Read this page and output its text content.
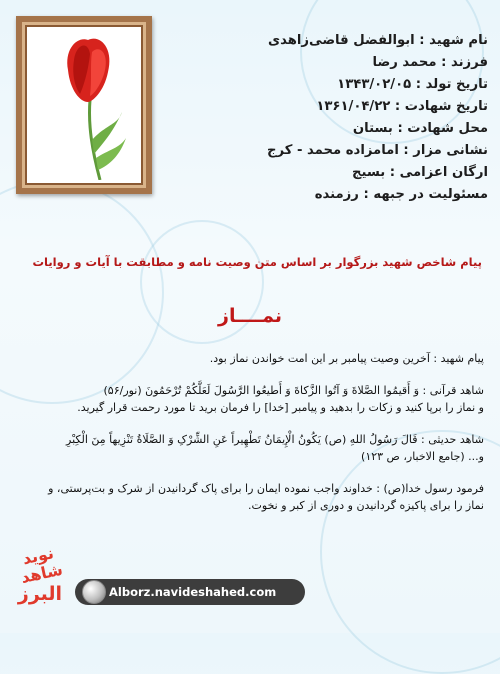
نام شهید : ابوالفضل قاضی‌زاهدی
فرزند : محمد رضا
تاریخ تولد : ۱۳۴۳/۰۲/۰۵
تاریخ شهادت : ۱۳۶۱/۰۴/۲۲
محل شهادت : بستان
نشانی مزار : امامزاده محمد - کرج
ارگان اعزامی : بسیج
مسئولیت در جبهه : رزمنده
پیام شاخص شهید بزرگوار بر اساس متن وصیت نامه و مطابقت با آیات و روایات
نمــــاز

پیام شهید : آخرین وصیت پیامبر بر این امت خواندن نماز بود.

شاهد قرآنی : وَ أَقیمُوا الصَّلاةَ وَ آتُوا الزَّکاةَ وَ أَطیعُوا الرَّسُولَ لَعَلَّکُمْ تُرْحَمُونَ (نور/۵۶)

و نماز را برپا کنید و زکات را بدهید و پیامبر [خدا] را فرمان برید تا مورد رحمت قرار گیرید.

شاهد حدیثی : قَالَ رَسُولُ اللهِ (ص) یَکُونُ الْإِیمَانُ تَطْهِیراً عَنِ الشِّرْکِ وَ الصَّلَاةُ تَنْزِیهاً مِنَ الْکِبْرِ

و... (جامع الاخبار، ص ۱۲۳)

فرمود رسول خدا(ص) : خداوند واجب نموده ایمان را برای پاک گردانیدن از شرک و بت‌پرستی، و

نماز را برای پاکیزه گردانیدن و دوری از کبر و نخوت.

نوید شاهد
البرز	Alborz.navideshahed.com
